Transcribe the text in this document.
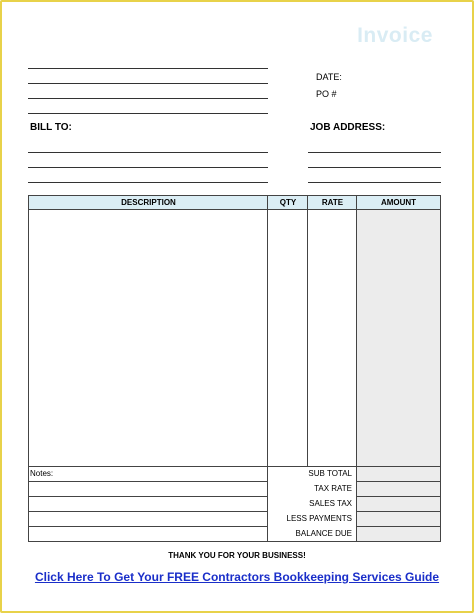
Invoice
DATE:
PO #
BILL TO:	JOB ADDRESS:
DESCRIPTION	QTY	RATE	AMOUNT
Notes:	SUB TOTAL
TAX RATE
SALES TAX
LESS PAYMENTS
BALANCE DUE
THANK YOU FOR YOUR BUSINESS!
Click Here To Get Your FREE Contractors Bookkeeping Services Guide
